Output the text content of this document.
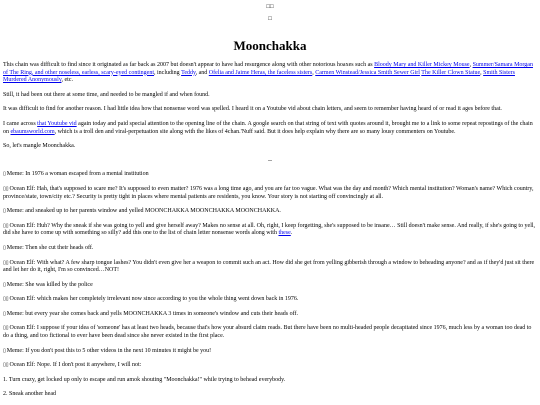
□□
□
Moonchakka

This chain was difficult to find since it originated as far back as 2007 but doesn't appear to have had resurgence along with other notorious hoaxes such as Bloody Mary and Killer Mickey Mouse, Summer/Samara Morgan of The Ring, and other noseless, earless, scary-eyed contingent, including Teddy, and Ofelia and Jaime Heras, the faceless sisters, Carmen Winstead/Jessica Smith Sewer Girl The Killer Clown Statue, Smith Sisters Murdered Anonymously, etc.

Still, it had been out there at some time, and needed to be mangled if and when found.

It was difficult to find for another reason. I had little idea how that nonsense word was spelled. I heard it on a Youtube vid about chain letters, and seem to remember having heard of or read it ages before that.

I came across that Youtube vid again today and paid special attention to the opening line of the chain. A google search on that string of text with quotes around it, brought me to a link to some repeat repostings of the chain on ebaumsworld.com, which is a troll den and viral-perpetuation site along with the likes of 4chan.'Nuff said. But it does help explain why there are so many lousy commenters on Youtube.

So, let's mangle Moonchakka.

--

▯Meme: In 1976 a woman escaped from a mental institution

▯▯Ocean Elf: Hah, that's supposed to scare me? It's supposed to even matter? 1976 was a long time ago, and you are far too vague. What was the day and month? Which mental institution? Woman's name? Which country, province/state, town/city etc.? Security is pretty tight in places where mental patients are residents, you know. Your story is not starting off convincingly at all.

▯Meme: and sneaked up to her parents window and yelled MOONCHAKKA MOONCHAKKA MOONCHAKKA.

▯▯Ocean Elf: Huh? Why the sneak if she was going to yell and give herself away? Makes no sense at all. Oh, right, I keep forgetting, she's supposed to be insane… Still doesn't make sense. And really, if she's going to yell, did she have to come up with something so silly? add this one to the list of chain letter nonsense words along with these.

▯Meme: Then she cut their heads off.

▯▯Ocean Elf: With what? A few sharp tongue lashes? You didn't even give her a weapon to commit such an act. How did she get from yelling gibberish through a window to beheading anyone? and as if they'd just sit there and let her do it, right, I'm so convinced…NOT!

▯Meme: She was killed by the police

▯▯Ocean Elf: which makes her completely irrelevant now since according to you the whole thing went down back in 1976.

▯Meme: but every year she comes back and yells MOONCHAKKA 3 times in someone's window and cuts their heads off.

▯▯Ocean Elf: I suppose if your idea of 'someone' has at least two heads, because that's how your absurd claim reads. But there have been no multi-headed people decapitated since 1976, much less by a woman too dead to do a thing, and too fictional to ever have been dead since she never existed in the first place.

▯Meme: If you don't post this to 5 other videos in the next 10 minutes it might be you!

▯▯Ocean Elf: Nope. If I don't post it anywhere, I will not:

1. Turn crazy, get locked up only to escape and run amok shouting "Moonchakka!" while trying to behead everybody.

2. Sneak another head
